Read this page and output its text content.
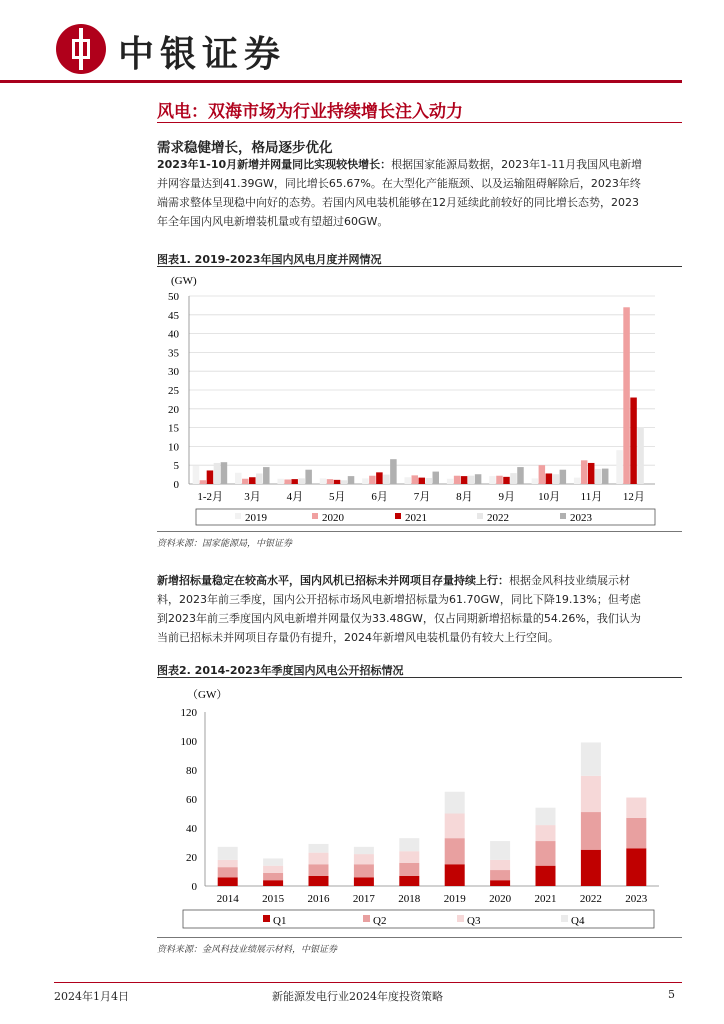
中银证券
风电：双海市场为行业持续增长注入动力
需求稳健增长，格局逐步优化
2023年1-10月新增并网量同比实现较快增长：根据国家能源局数据，2023年1-11月我国风电新增
并网容量达到41.39GW，同比增长65.67%。在大型化产能瓶颈、以及运输阻碍解除后，2023年终
端需求整体呈现稳中向好的态势。若国内风电装机能够在12月延续此前较好的同比增长态势，2023
年全年国内风电新增装机量或有望超过60GW。
图表1. 2019-2023年国内风电月度并网情况
(GW)
0
5
10
15
20
25
30
35
40
45
50
1-2月 3月 4月 5月 6月 7月 8月 9月 10月 11月 12月
2019	2020	2021	2022	2023
资料来源：国家能源局，中银证券
新增招标量稳定在较高水平，国内风机已招标未并网项目存量持续上行：根据金风科技业绩展示材
料，2023年前三季度，国内公开招标市场风电新增招标量为61.70GW，同比下降19.13%；但考虑
到2023年前三季度国内风电新增并网量仅为33.48GW，仅占同期新增招标量的54.26%，我们认为
当前已招标未并网项目存量仍有提升，2024年新增风电装机量仍有较大上行空间。
图表2. 2014-2023年季度国内风电公开招标情况
（GW）
0
20
40
60
80
100
120
2014 2015 2016 2017 2018 2019 2020 2021 2022 2023
Q1	Q2	Q3	Q4
资料来源：金风科技业绩展示材料，中银证券
2024年1月4日	新能源发电行业2024年度投资策略	5
